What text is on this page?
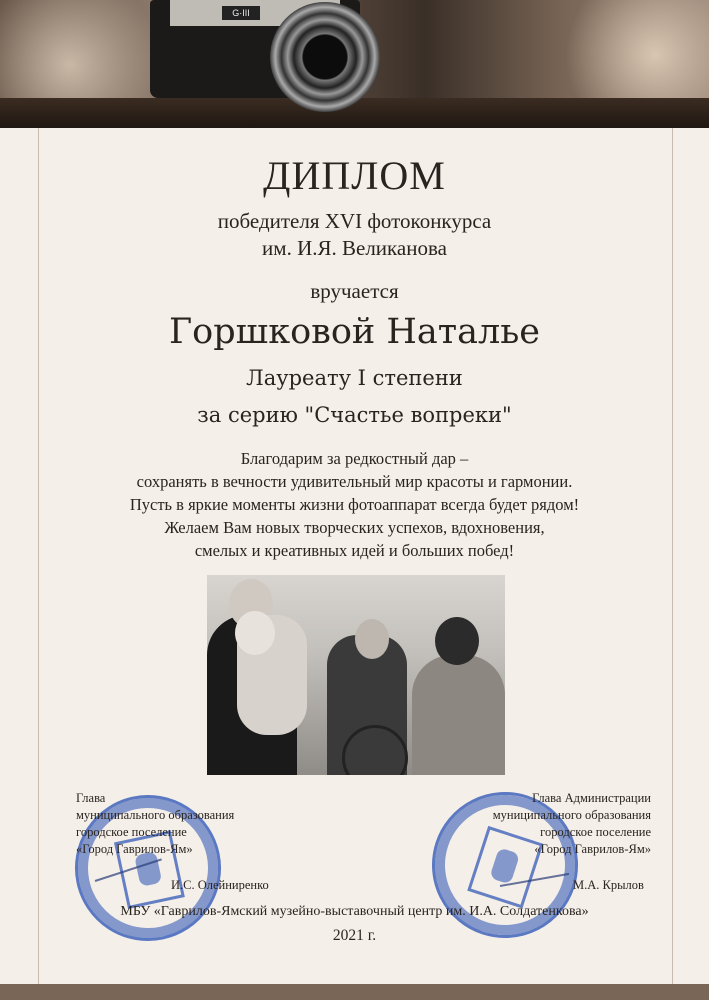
G·III
ДИПЛОМ
победителя XVI фотоконкурса
им. И.Я. Великанова
вручается
Горшковой Наталье
Лауреату I степени
за серию "Счастье вопреки"
Благодарим за редкостный дар –
сохранять в вечности удивительный мир красоты и гармонии.
Пусть в яркие моменты жизни фотоаппарат всегда будет рядом!
Желаем Вам новых творческих успехов, вдохновения,
смелых и креативных идей и больших побед!
Глава
муниципального образования
городское поселение
«Город Гаврилов-Ям»
Глава Администрации
муниципального образования
городское поселение
«Город Гаврилов-Ям»
И.С. Олейниренко	М.А. Крылов
МБУ «Гаврилов-Ямский музейно-выставочный центр им. И.А. Солдатенкова»
2021 г.
